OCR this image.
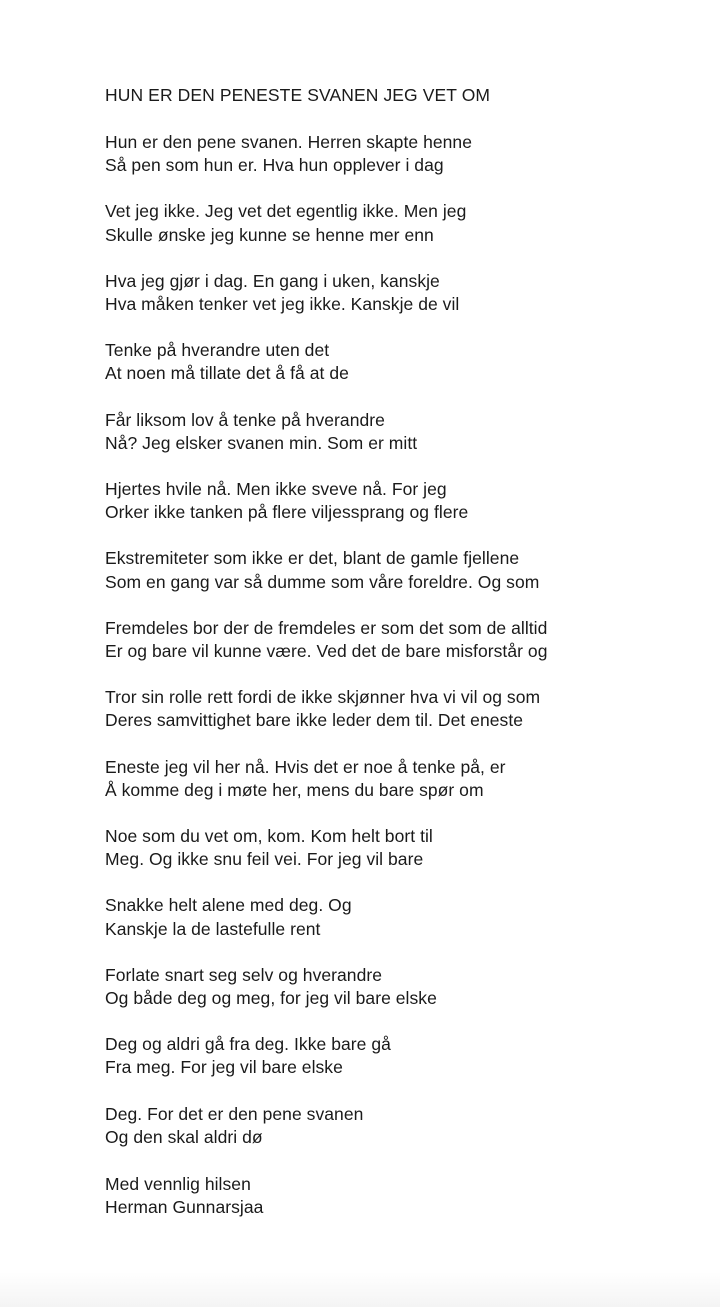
HUN ER DEN PENESTE SVANEN JEG VET OM
Hun er den pene svanen. Herren skapte henne
Så pen som hun er. Hva hun opplever i dag
Vet jeg ikke. Jeg vet det egentlig ikke. Men jeg
Skulle ønske jeg kunne se henne mer enn
Hva jeg gjør i dag. En gang i uken, kanskje
Hva måken tenker vet jeg ikke. Kanskje de vil
Tenke på hverandre uten det
At noen må tillate det å få at de
Får liksom lov å tenke på hverandre
Nå? Jeg elsker svanen min. Som er mitt
Hjertes hvile nå. Men ikke sveve nå. For jeg
Orker ikke tanken på flere viljessprang og flere
Ekstremiteter som ikke er det, blant de gamle fjellene
Som en gang var så dumme som våre foreldre. Og som
Fremdeles bor der de fremdeles er som det som de alltid
Er og bare vil kunne være. Ved det de bare misforstår og
Tror sin rolle rett fordi de ikke skjønner hva vi vil og som
Deres samvittighet bare ikke leder dem til. Det eneste
Eneste jeg vil her nå. Hvis det er noe å tenke på, er
Å komme deg i møte her, mens du bare spør om
Noe som du vet om, kom. Kom helt bort til
Meg. Og ikke snu feil vei. For jeg vil bare
Snakke helt alene med deg. Og
Kanskje la de lastefulle rent
Forlate snart seg selv og hverandre
Og både deg og meg, for jeg vil bare elske
Deg og aldri gå fra deg. Ikke bare gå
Fra meg. For jeg vil bare elske
Deg. For det er den pene svanen
Og den skal aldri dø
Med vennlig hilsen
Herman Gunnarsjaa
